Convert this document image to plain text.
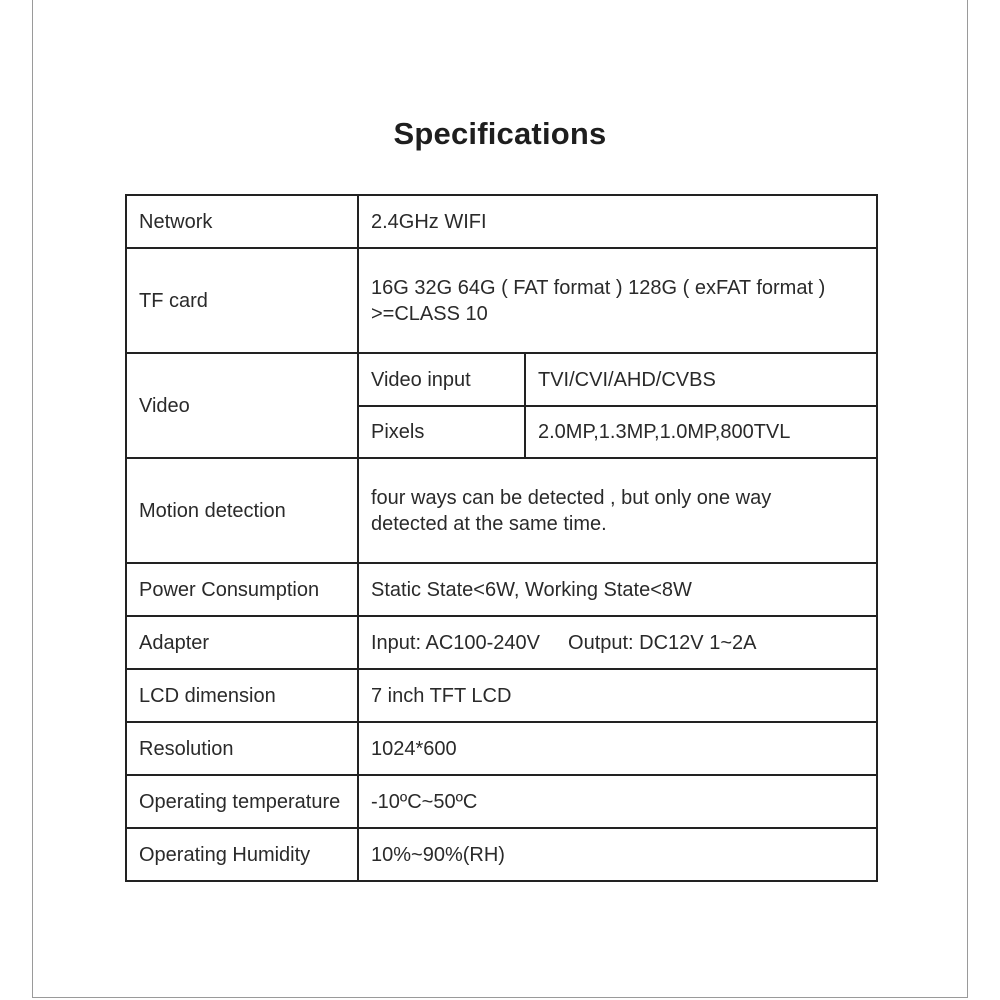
Specifications
Network	2.4GHz WIFI	
TF card	16G 32G 64G ( FAT format ) 128G ( exFAT format )
>=CLASS 10	

Video	Video input	TVI/CVI/AHD/CVBS
	Pixels	2.0MP,1.3MP,1.0MP,800TVL
Motion detection	four ways can be detected , but only one way
detected at the same time.	

Power Consumption	Static State<6W, Working State<8W	
Adapter	Input: AC100-240V Output: DC12V 1~2A	
LCD dimension	7 inch TFT LCD	
Resolution	1024*600	
Operating temperature	-10ºC~50ºC	
Operating Humidity	10%~90%(RH)	
